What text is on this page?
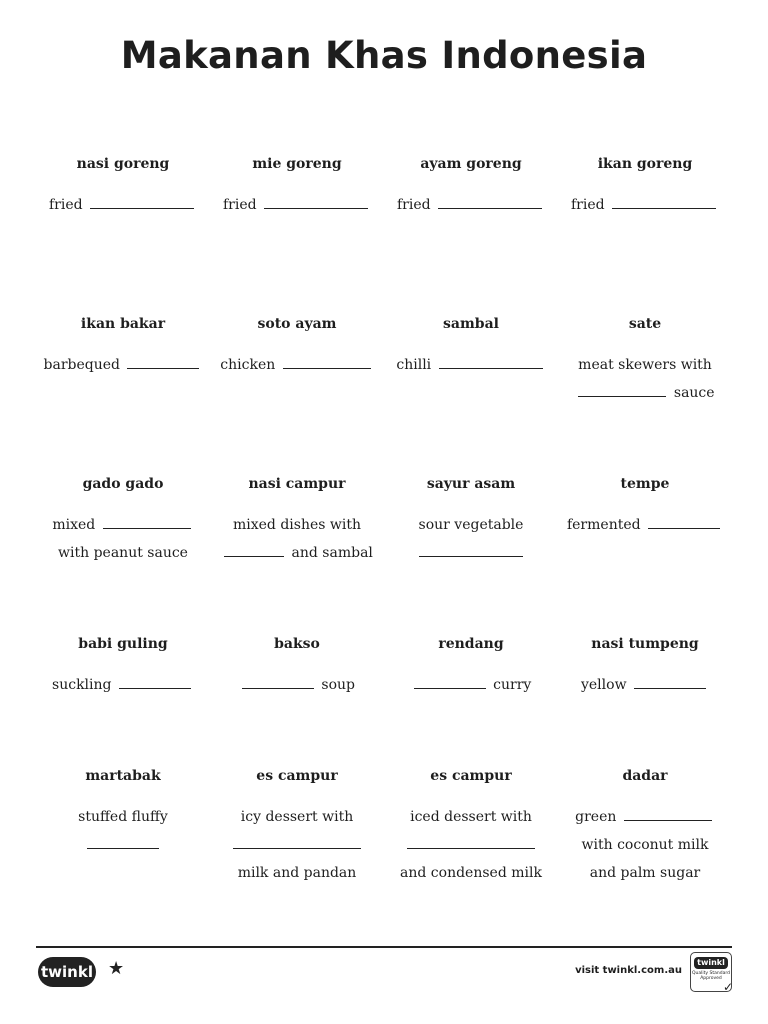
Makanan Khas Indonesia
nasi goreng
fried
mie goreng
fried
ayam goreng
fried
ikan goreng
fried
ikan bakar
barbequed
soto ayam
chicken
sambal
chilli
sate
meat skewers with
sauce
gado gado
mixed
with peanut sauce
nasi campur
mixed dishes with
and sambal
sayur asam
sour vegetable
tempe
fermented
babi guling
suckling
bakso
soup
rendang
curry
nasi tumpeng
yellow
martabak
stuffed fluffy
es campur
icy dessert with
milk and pandan
es campur
iced dessert with
and condensed milk
dadar
green
with coconut milk
and palm sugar
twinkl ★	visit twinkl.com.au
twinkl
Quality Standard Approved
✓
